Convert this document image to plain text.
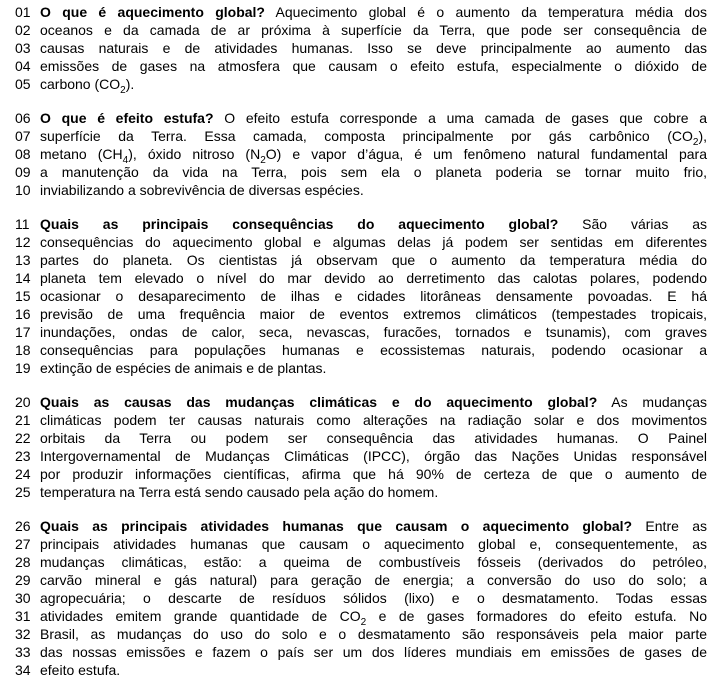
01 O que é aquecimento global? Aquecimento global é o aumento da temperatura média dos
02 oceanos e da camada de ar próxima à superfície da Terra, que pode ser consequência de
03 causas naturais e de atividades humanas. Isso se deve principalmente ao aumento das
04 emissões de gases na atmosfera que causam o efeito estufa, especialmente o dióxido de
05 carbono $(CO_2)$.
06 O que é efeito estufa? O efeito estufa corresponde a uma camada de gases que cobre a
07 superfície da Terra. Essa camada, composta principalmente por gás carbônico $(CO_2)$,
08 metano $(CH_4)$, óxido nitroso $(N_2O)$ e vapor d’água, é um fenômeno natural fundamental para
09 a manutenção da vida na Terra, pois sem ela o planeta poderia se tornar muito frio,
10 inviabilizando a sobrevivência de diversas espécies.
11 Quais as principais consequências do aquecimento global? São várias as
12 consequências do aquecimento global e algumas delas já podem ser sentidas em diferentes
13 partes do planeta. Os cientistas já observam que o aumento da temperatura média do
14 planeta tem elevado o nível do mar devido ao derretimento das calotas polares, podendo
15 ocasionar o desaparecimento de ilhas e cidades litorâneas densamente povoadas. E há
16 previsão de uma frequência maior de eventos extremos climáticos (tempestades tropicais,
17 inundações, ondas de calor, seca, nevascas, furacões, tornados e tsunamis), com graves
18 consequências para populações humanas e ecossistemas naturais, podendo ocasionar a
19 extinção de espécies de animais e de plantas.
20 Quais as causas das mudanças climáticas e do aquecimento global? As mudanças
21 climáticas podem ter causas naturais como alterações na radiação solar e dos movimentos
22 orbitais da Terra ou podem ser consequência das atividades humanas. O Painel
23 Intergovernamental de Mudanças Climáticas (IPCC), órgão das Nações Unidas responsável
24 por produzir informações científicas, afirma que há 90% de certeza de que o aumento de
25 temperatura na Terra está sendo causado pela ação do homem.
26 Quais as principais atividades humanas que causam o aquecimento global? Entre as
27 principais atividades humanas que causam o aquecimento global e, consequentemente, as
28 mudanças climáticas, estão: a queima de combustíveis fósseis (derivados do petróleo,
29 carvão mineral e gás natural) para geração de energia; a conversão do uso do solo; a
30 agropecuária; o descarte de resíduos sólidos (lixo) e o desmatamento. Todas essas
31 atividades emitem grande quantidade de $CO_2$ e de gases formadores do efeito estufa. No
32 Brasil, as mudanças do uso do solo e o desmatamento são responsáveis pela maior parte
33 das nossas emissões e fazem o país ser um dos líderes mundiais em emissões de gases de
34 efeito estufa.
